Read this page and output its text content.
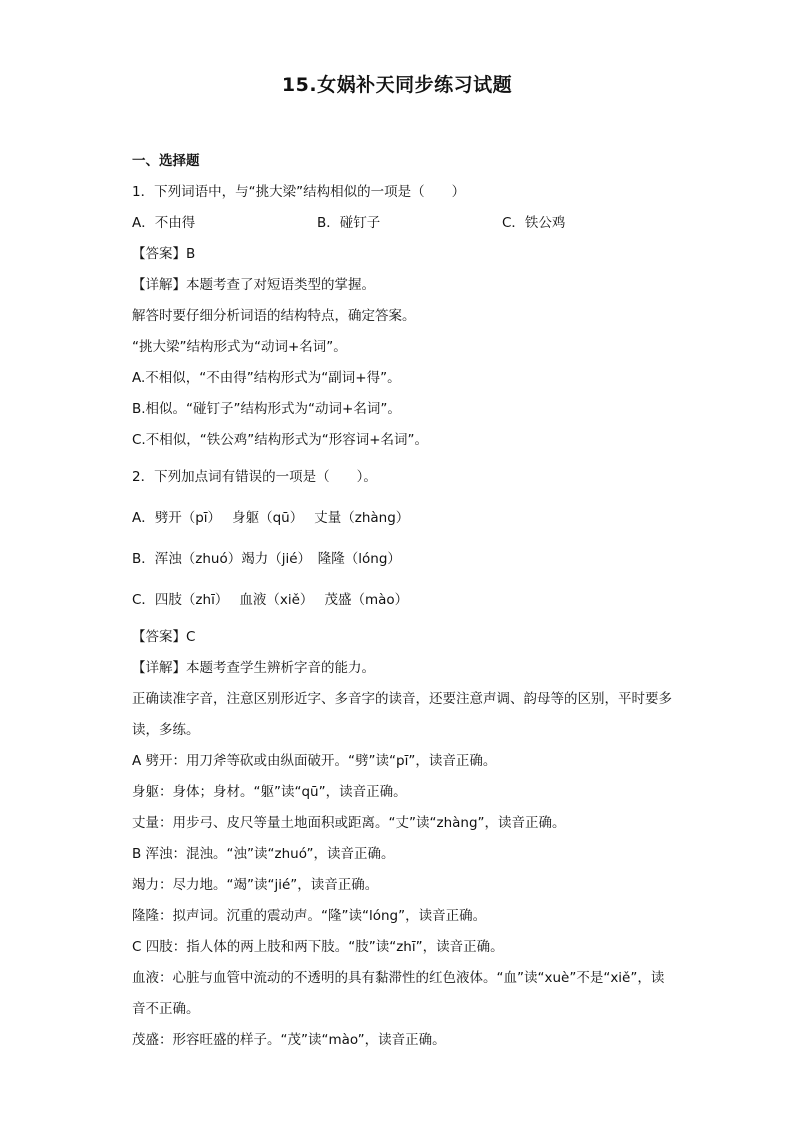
15.女娲补天同步练习试题
一、选择题
1．下列词语中，与“挑大梁”结构相似的一项是（　　）
A．不由得	B．碰钉子	C．铁公鸡
【答案】B
【详解】本题考查了对短语类型的掌握。
解答时要仔细分析词语的结构特点，确定答案。
“挑大梁”结构形式为“动词+名词”。
A.不相似，“不由得”结构形式为“副词+得”。
B.相似。“碰钉子”结构形式为“动词+名词”。
C.不相似，“铁公鸡”结构形式为“形容词+名词”。
2．下列加点词有错误的一项是（　　）。
A．劈开（pī）　 身躯（qū）　 丈量（zhàng）
B．浑浊（zhuó）竭力（jié）　隆隆（lóng）
C．四肢（zhī）　 血液（xiě）　 茂盛（mào）
【答案】C
【详解】本题考查学生辨析字音的能力。
正确读准字音，注意区别形近字、多音字的读音，还要注意声调、韵母等的区别，平时要多读，多练。
A 劈开：用刀斧等砍或由纵面破开。“劈”读“pī”，读音正确。
身躯：身体；身材。“躯”读“qū”，读音正确。
丈量：用步弓、皮尺等量土地面积或距离。“丈”读“zhàng”，读音正确。
B 浑浊：混浊。“浊”读“zhuó”，读音正确。
竭力：尽力地。“竭”读“jié”，读音正确。
隆隆：拟声词。沉重的震动声。“隆”读“lóng”，读音正确。
C 四肢：指人体的两上肢和两下肢。“肢”读“zhī”，读音正确。
血液：心脏与血管中流动的不透明的具有黏滞性的红色液体。“血”读“xuè”不是“xiě”，读音不正确。
茂盛：形容旺盛的样子。“茂”读“mào”，读音正确。
